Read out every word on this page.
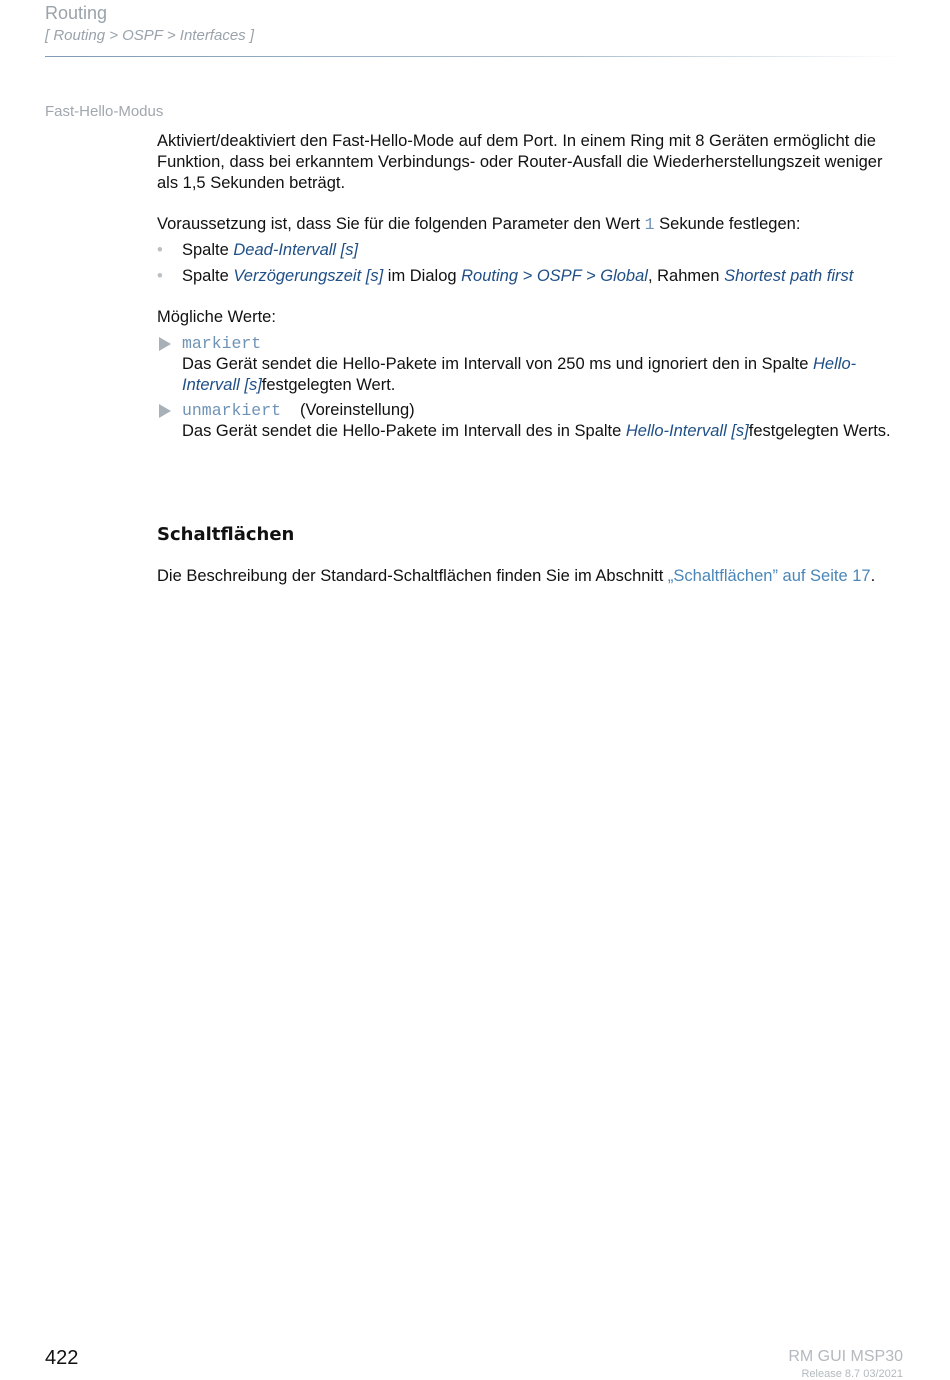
Routing
[ Routing > OSPF > Interfaces ]
Fast-Hello-Modus

Aktiviert/deaktiviert den Fast-Hello-Mode auf dem Port. In einem Ring mit 8 Geräten ermöglicht die Funktion, dass bei erkanntem Verbindungs- oder Router-Ausfall die Wiederherstellungszeit weniger als 1,5 Sekunden beträgt.

Voraussetzung ist, dass Sie für die folgenden Parameter den Wert 1 Sekunde festlegen:

• Spalte Dead-Intervall [s]
• Spalte Verzögerungszeit [s] im Dialog Routing > OSPF > Global, Rahmen Shortest path first

Mögliche Werte:

markiert
Das Gerät sendet die Hello-Pakete im Intervall von 250 ms und ignoriert den in Spalte Hello-Intervall [s]festgelegten Wert.
unmarkiert (Voreinstellung)
Das Gerät sendet die Hello-Pakete im Intervall des in Spalte Hello-Intervall [s]festgelegten Werts.
Schaltflächen
Die Beschreibung der Standard-Schaltflächen finden Sie im Abschnitt „Schaltflächen” auf Seite 17.
422	RM GUI MSP30
Release 8.7 03/2021
